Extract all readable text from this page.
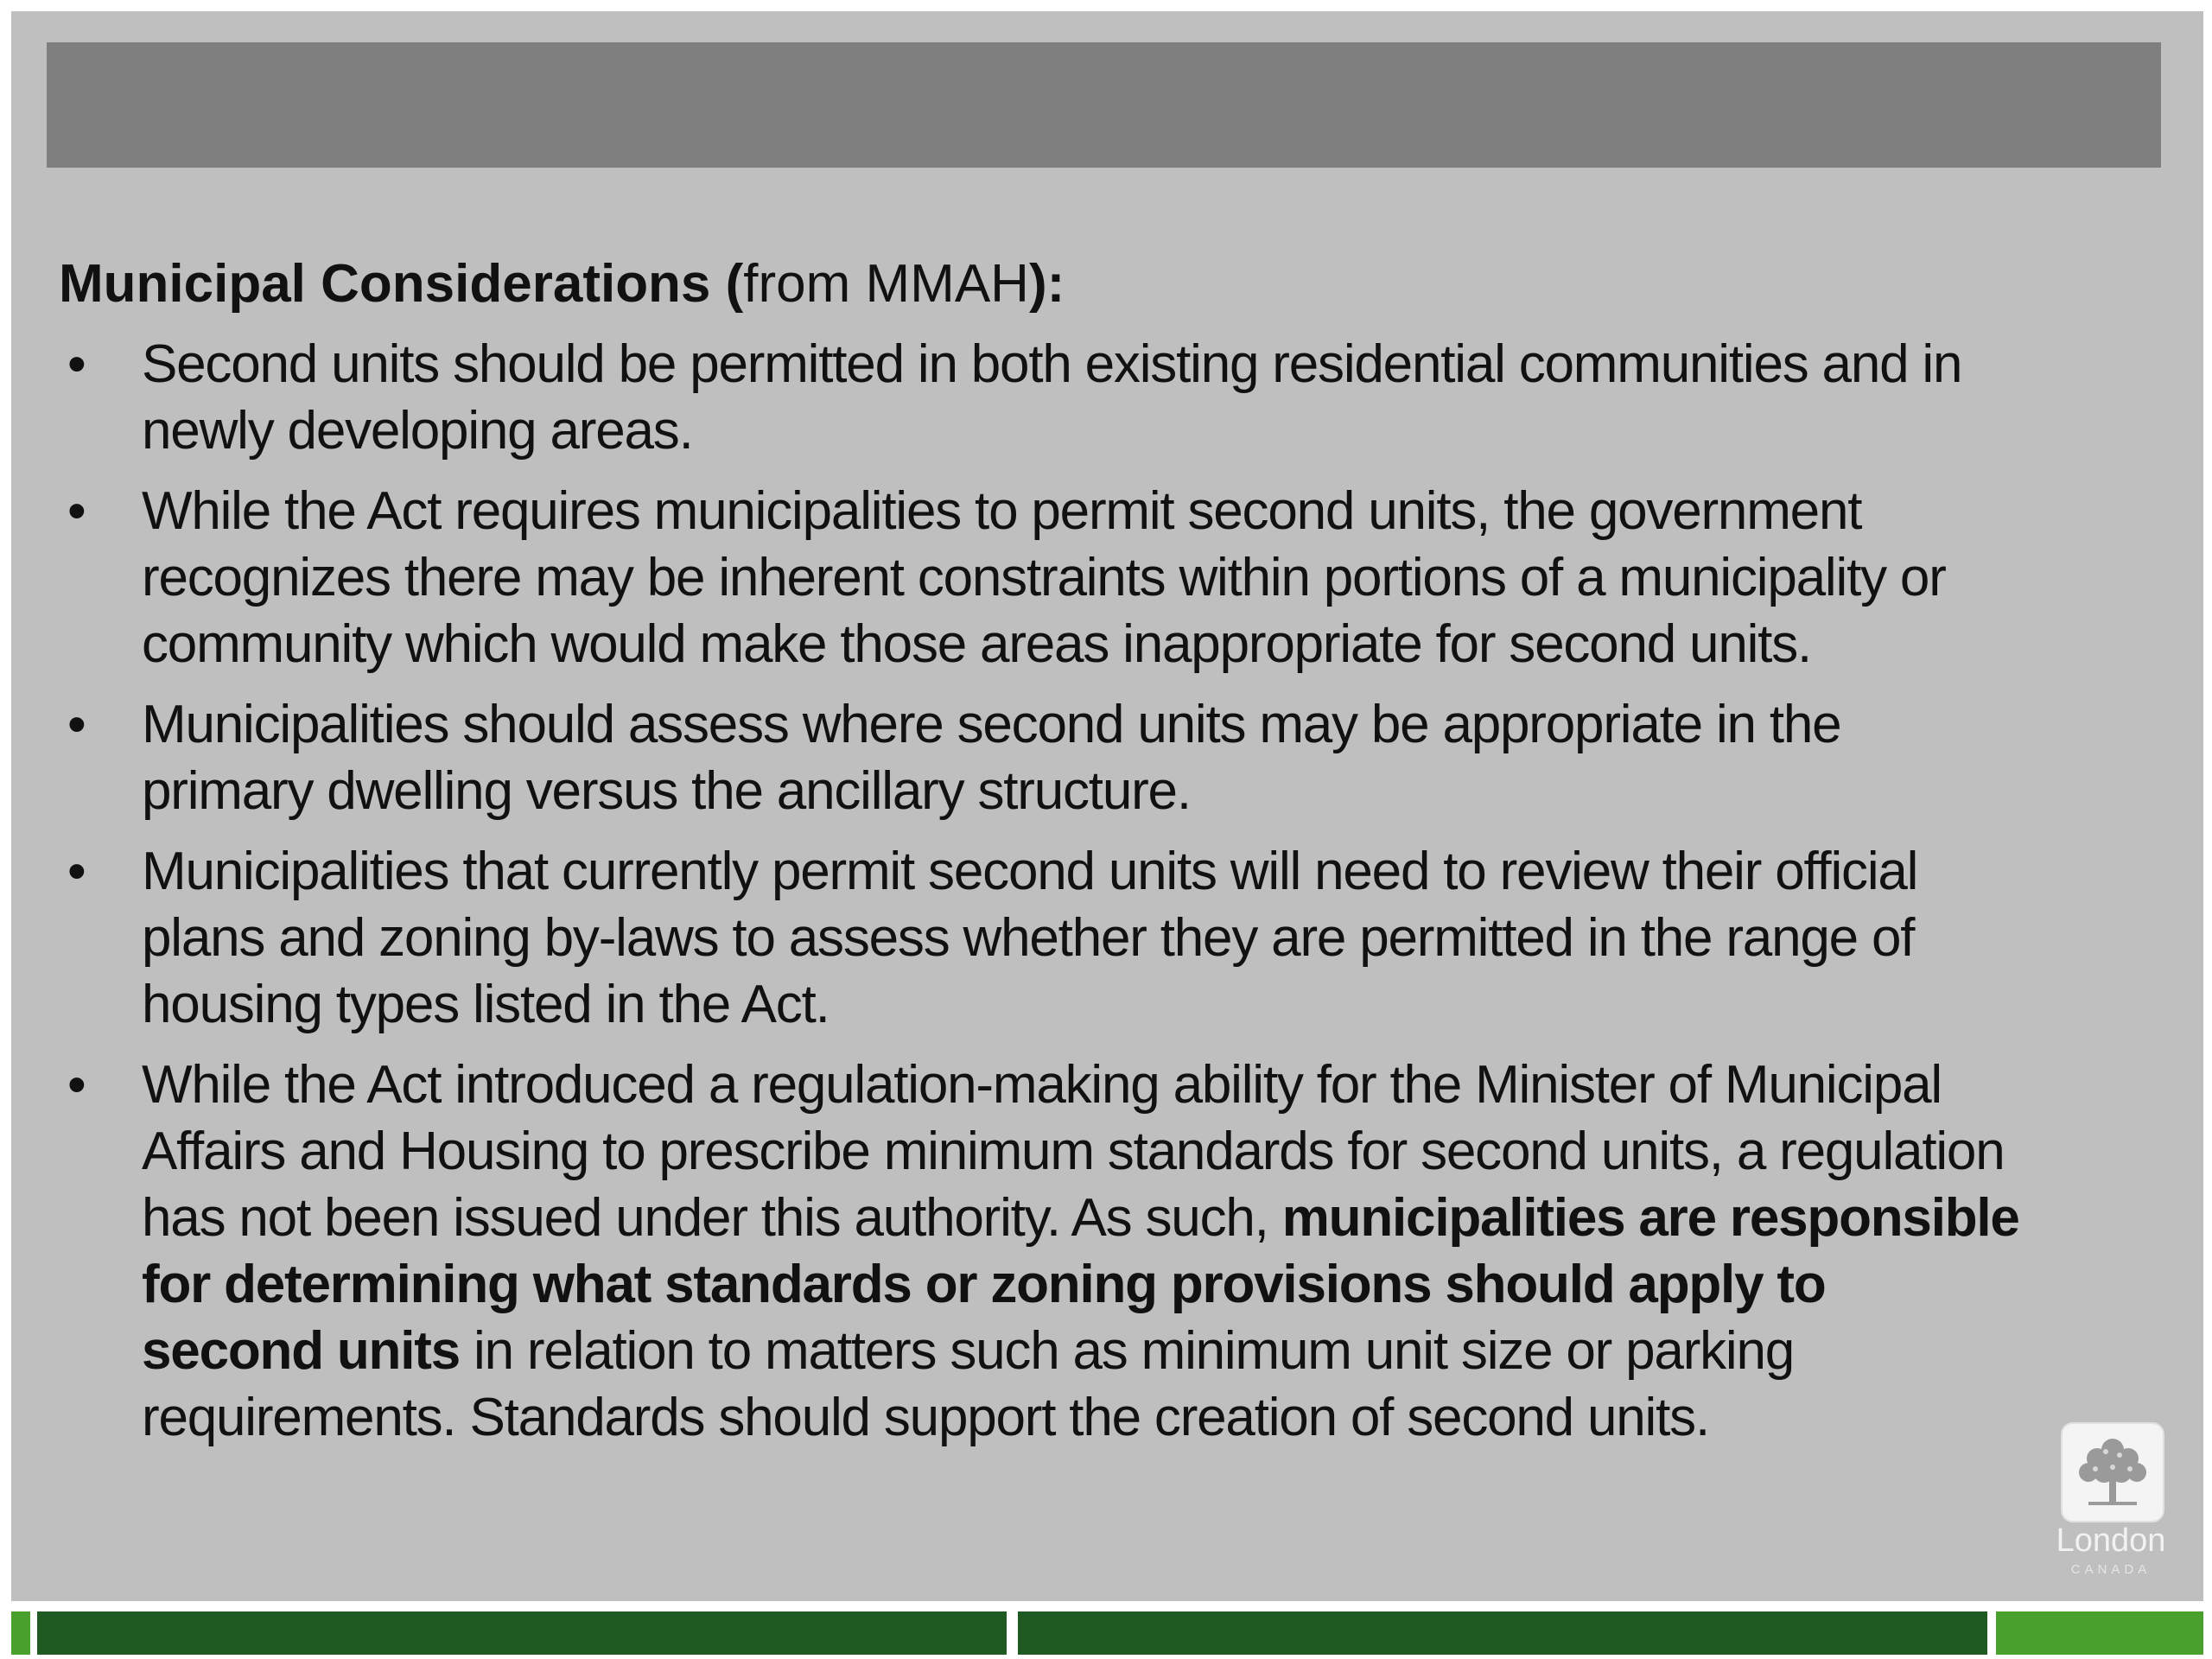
Municipal Considerations (from MMAH):
• Second units should be permitted in both existing residential communities and in newly developing areas.
• While the Act requires municipalities to permit second units, the government recognizes there may be inherent constraints within portions of a municipality or community which would make those areas inappropriate for second units.
• Municipalities should assess where second units may be appropriate in the primary dwelling versus the ancillary structure.
• Municipalities that currently permit second units will need to review their official plans and zoning by-laws to assess whether they are permitted in the range of housing types listed in the Act.
• While the Act introduced a regulation-making ability for the Minister of Municipal Affairs and Housing to prescribe minimum standards for second units, a regulation has not been issued under this authority. As such, municipalities are responsible for determining what standards or zoning provisions should apply to second units in relation to matters such as minimum unit size or parking requirements. Standards should support the creation of second units.
London
CANADA
